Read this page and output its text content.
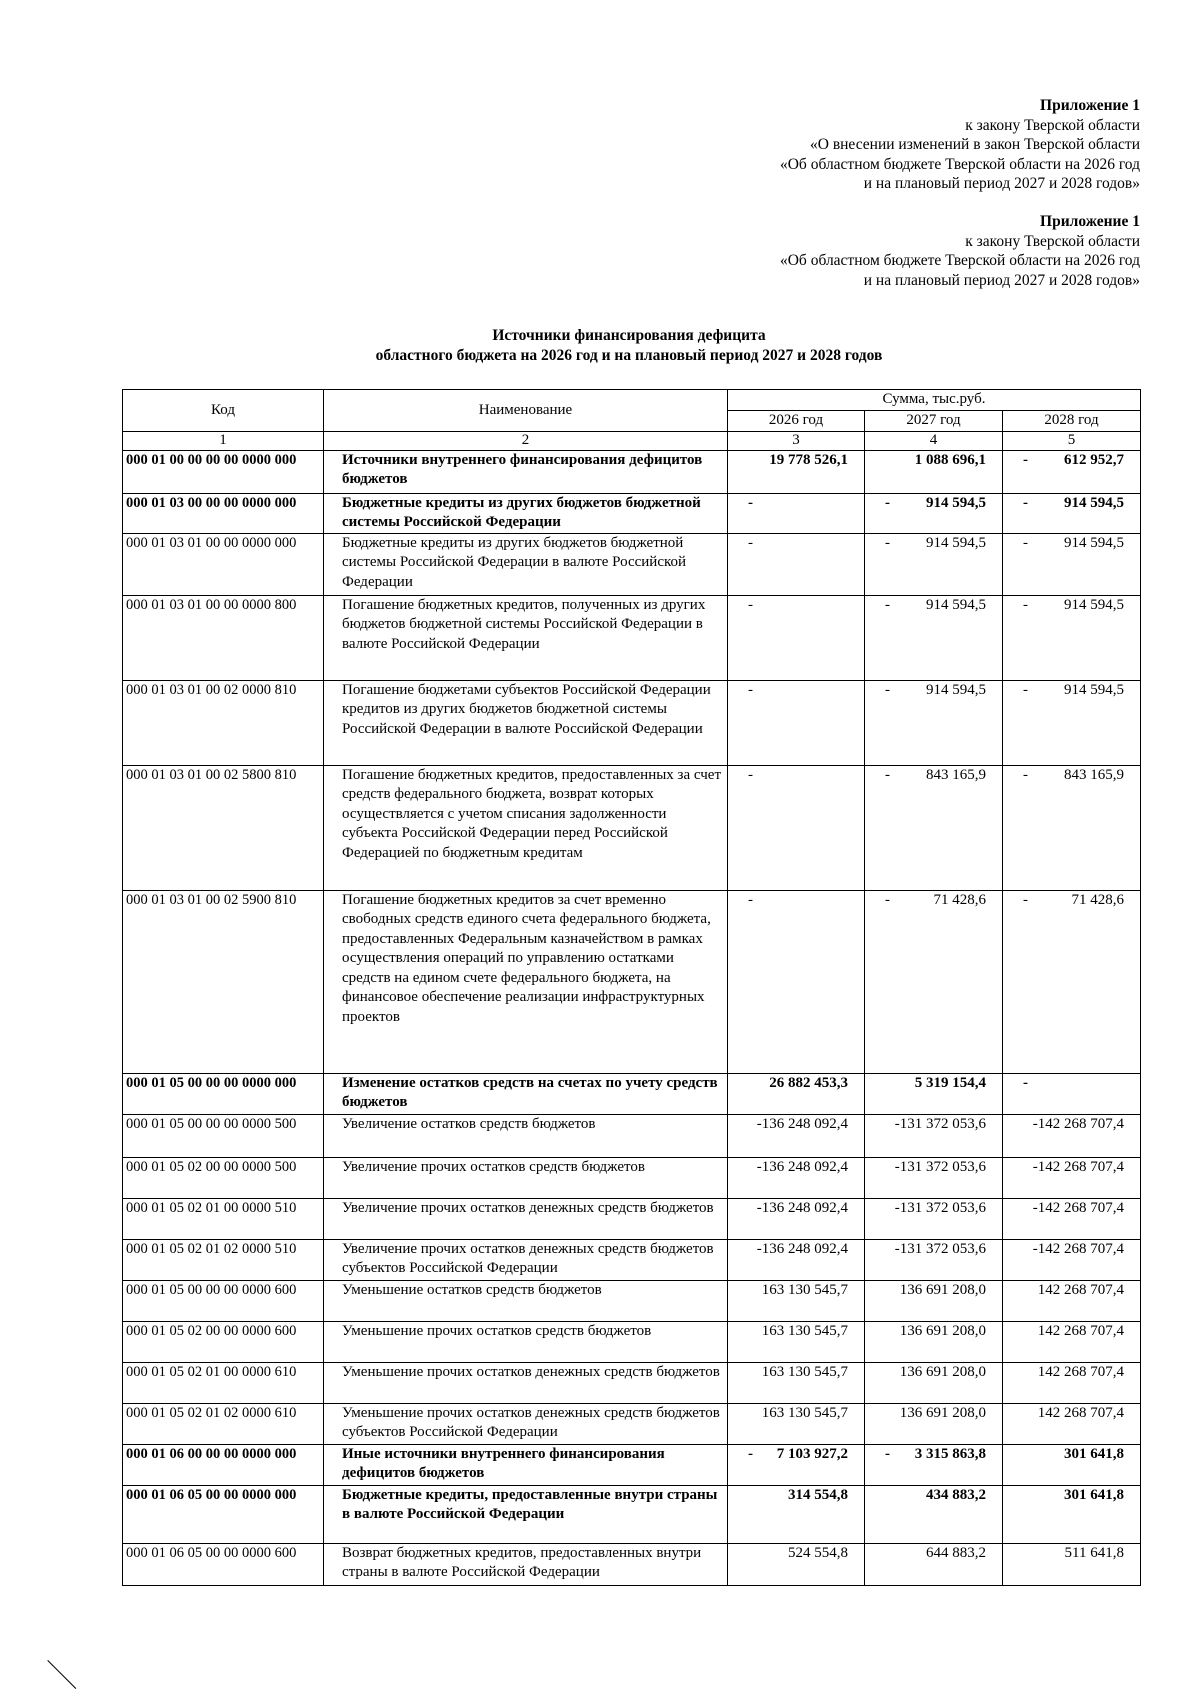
Приложение 1
к закону Тверской области
«О внесении изменений в закон Тверской области
«Об областном бюджете Тверской области на 2026 год
и на плановый период 2027 и 2028 годов»
Приложение 1
к закону Тверской области
«Об областном бюджете Тверской области на 2026 год
и на плановый период 2027 и 2028 годов»
Источники финансирования дефицита
областного бюджета на 2026 год и на плановый период 2027 и 2028 годов
Код	Наименование	Сумма, тыс.руб.		
		2026 год	2027 год	2028 год
1	2	3	4	5
000 01 00 00 00 00 0000 000	Источники внутреннего финансирования дефицитов бюджетов	19 778 526,1	1 088 696,1	- 612 952,7
000 01 03 00 00 00 0000 000	Бюджетные кредиты из других бюджетов бюджетной системы Российской Федерации	-	- 914 594,5	- 914 594,5
000 01 03 01 00 00 0000 000	Бюджетные кредиты из других бюджетов бюджетной системы Российской Федерации в валюте Российской Федерации	-	- 914 594,5	- 914 594,5
000 01 03 01 00 00 0000 800	Погашение бюджетных кредитов, полученных из других бюджетов бюджетной системы Российской Федерации в валюте Российской Федерации	-	- 914 594,5	- 914 594,5
000 01 03 01 00 02 0000 810	Погашение бюджетами субъектов Российской Федерации кредитов из других бюджетов бюджетной системы Российской Федерации в валюте Российской Федерации	-	- 914 594,5	- 914 594,5
000 01 03 01 00 02 5800 810	Погашение бюджетных кредитов, предоставленных за счет средств федерального бюджета, возврат которых осуществляется с учетом списания задолженности субъекта Российской Федерации перед Российской Федерацией по бюджетным кредитам	-	- 843 165,9	- 843 165,9
000 01 03 01 00 02 5900 810	Погашение бюджетных кредитов за счет временно свободных средств единого счета федерального бюджета, предоставленных Федеральным казначейством в рамках осуществления операций по управлению остатками средств на едином счете федерального бюджета, на финансовое обеспечение реализации инфраструктурных проектов	-	- 71 428,6	- 71 428,6
000 01 05 00 00 00 0000 000	Изменение остатков средств на счетах по учету средств бюджетов	26 882 453,3	5 319 154,4	-

000 01 05 00 00 00 0000 500	Увеличение остатков средств бюджетов	-136 248 092,4	-131 372 053,6	-142 268 707,4
000 01 05 02 00 00 0000 500	Увеличение прочих остатков средств бюджетов	-136 248 092,4	-131 372 053,6	-142 268 707,4
000 01 05 02 01 00 0000 510	Увеличение прочих остатков денежных средств бюджетов	-136 248 092,4	-131 372 053,6	-142 268 707,4
000 01 05 02 01 02 0000 510	Увеличение прочих остатков денежных средств бюджетов субъектов Российской Федерации	-136 248 092,4	-131 372 053,6	-142 268 707,4
000 01 05 00 00 00 0000 600	Уменьшение остатков средств бюджетов	163 130 545,7	136 691 208,0	142 268 707,4
000 01 05 02 00 00 0000 600	Уменьшение прочих остатков средств бюджетов	163 130 545,7	136 691 208,0	142 268 707,4
000 01 05 02 01 00 0000 610	Уменьшение прочих остатков денежных средств бюджетов	163 130 545,7	136 691 208,0	142 268 707,4
000 01 05 02 01 02 0000 610	Уменьшение прочих остатков денежных средств бюджетов субъектов Российской Федерации	163 130 545,7	136 691 208,0	142 268 707,4
000 01 06 00 00 00 0000 000	Иные источники внутреннего финансирования дефицитов бюджетов	- 7 103 927,2	- 3 315 863,8	301 641,8
000 01 06 05 00 00 0000 000	Бюджетные кредиты, предоставленные внутри страны в валюте Российской Федерации	314 554,8	434 883,2	301 641,8
000 01 06 05 00 00 0000 600	Возврат бюджетных кредитов, предоставленных внутри страны в валюте Российской Федерации	524 554,8	644 883,2	511 641,8
